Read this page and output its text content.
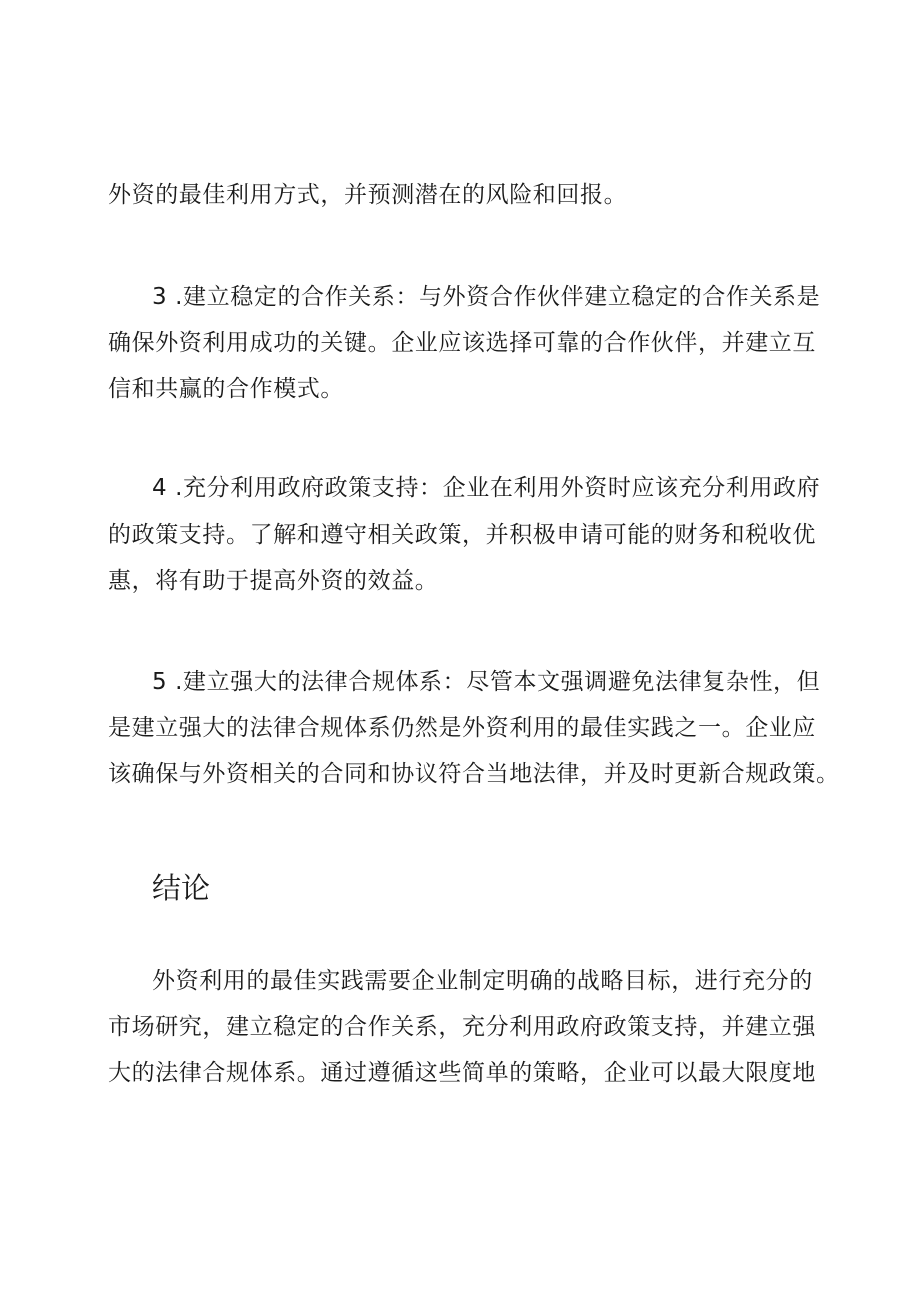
外资的最佳利用方式，并预测潜在的风险和回报。
3 .建立稳定的合作关系：与外资合作伙伴建立稳定的合作关系是
确保外资利用成功的关键。企业应该选择可靠的合作伙伴，并建立互
信和共赢的合作模式。
4 .充分利用政府政策支持：企业在利用外资时应该充分利用政府
的政策支持。了解和遵守相关政策，并积极申请可能的财务和税收优
惠，将有助于提高外资的效益。
5 .建立强大的法律合规体系：尽管本文强调避免法律复杂性，但
是建立强大的法律合规体系仍然是外资利用的最佳实践之一。企业应
该确保与外资相关的合同和协议符合当地法律，并及时更新合规政策。
结论
外资利用的最佳实践需要企业制定明确的战略目标，进行充分的
市场研究，建立稳定的合作关系，充分利用政府政策支持，并建立强
大的法律合规体系。通过遵循这些简单的策略，企业可以最大限度地
